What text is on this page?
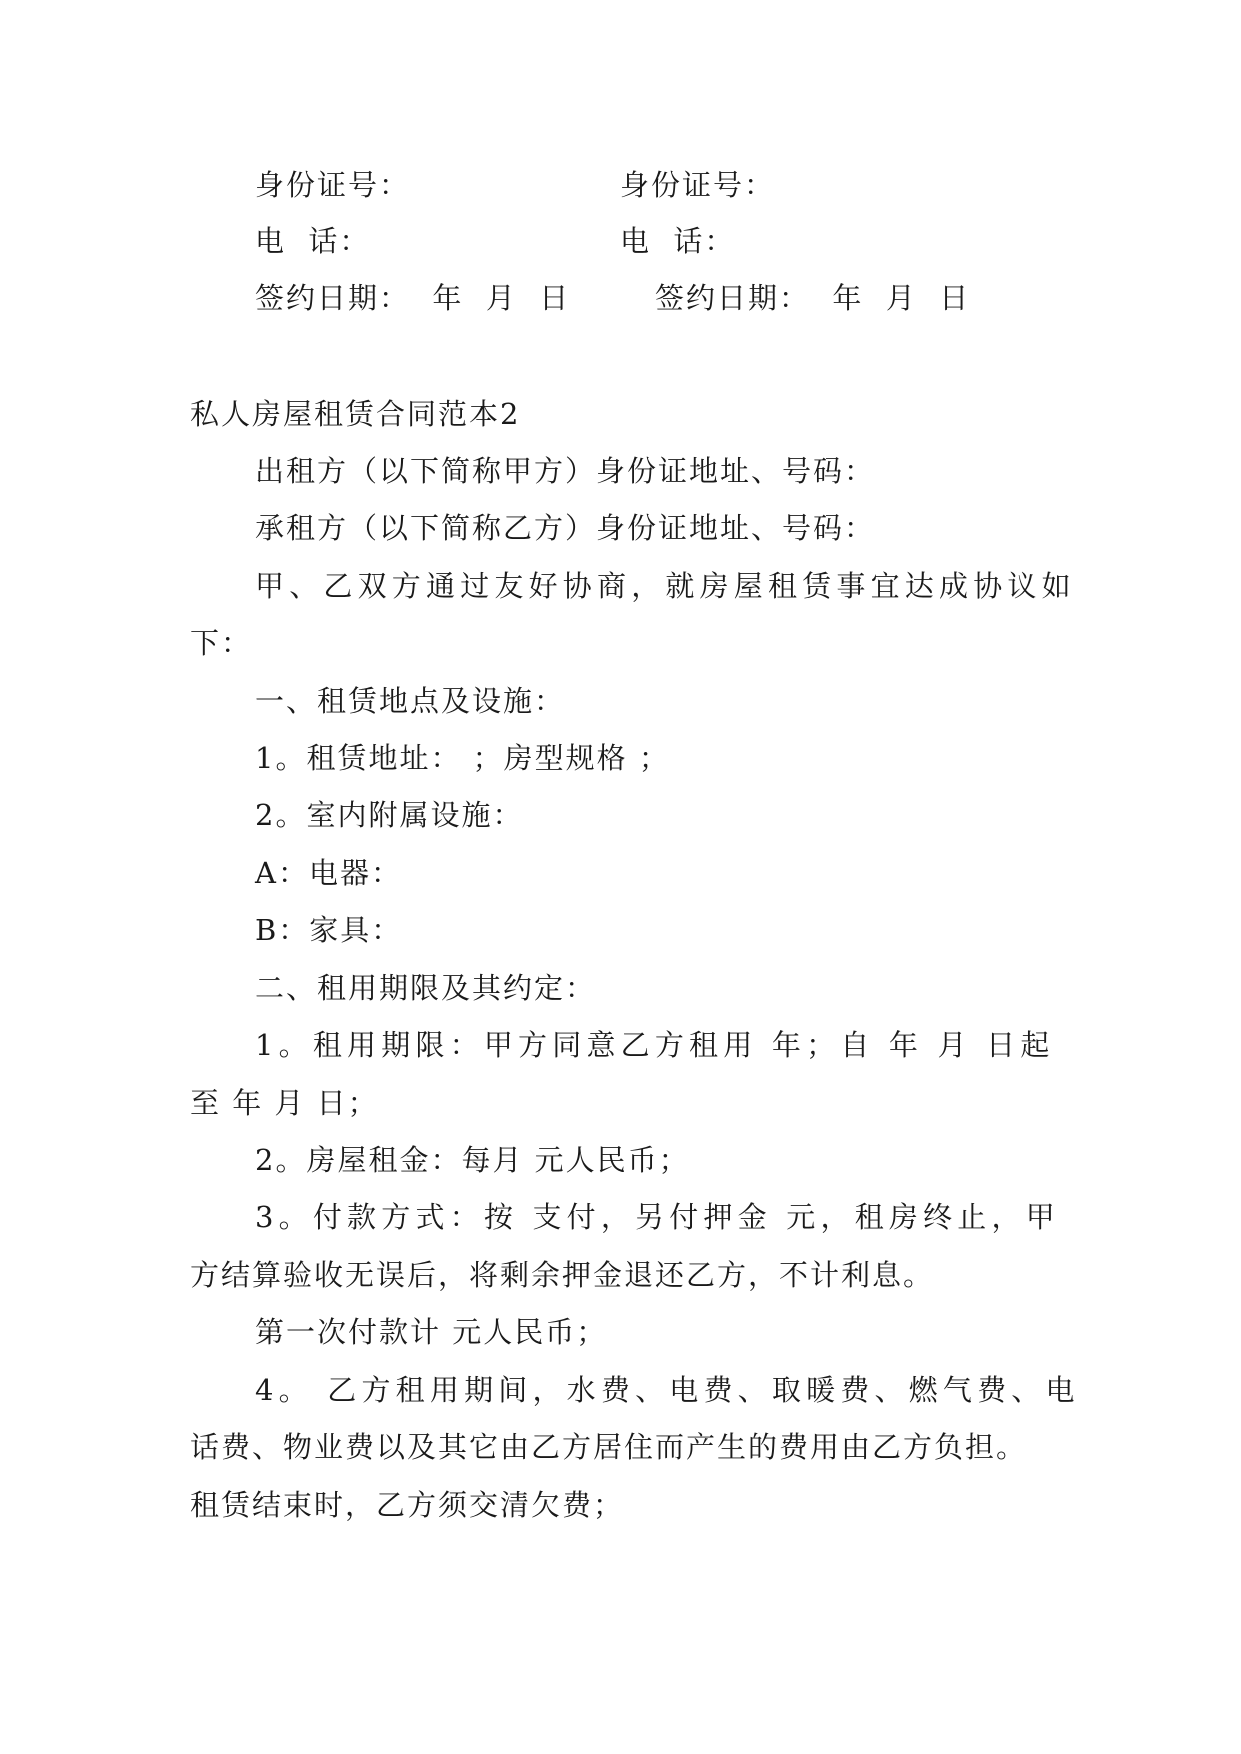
身份证号：	身份证号：
电  话：	电  话：
签约日期：  年  月  日	签约日期：  年  月  日
私人房屋租赁合同范本2
出租方（以下简称甲方）身份证地址、号码：
承租方（以下简称乙方）身份证地址、号码：
甲、乙双方通过友好协商，就房屋租赁事宜达成协议如
下：
一、租赁地点及设施：
1。租赁地址： ；房型规格 ；
2。室内附属设施：
A：电器：
B：家具：
二、租用期限及其约定：
1。租用期限：甲方同意乙方租用 年；自 年 月 日起
至 年 月 日；
2。房屋租金：每月 元人民币；
3。付款方式：按 支付，另付押金 元，租房终止，甲
方结算验收无误后，将剩余押金退还乙方，不计利息。
第一次付款计 元人民币；
4。 乙方租用期间，水费、电费、取暖费、燃气费、电
话费、物业费以及其它由乙方居住而产生的费用由乙方负担。
租赁结束时，乙方须交清欠费；
